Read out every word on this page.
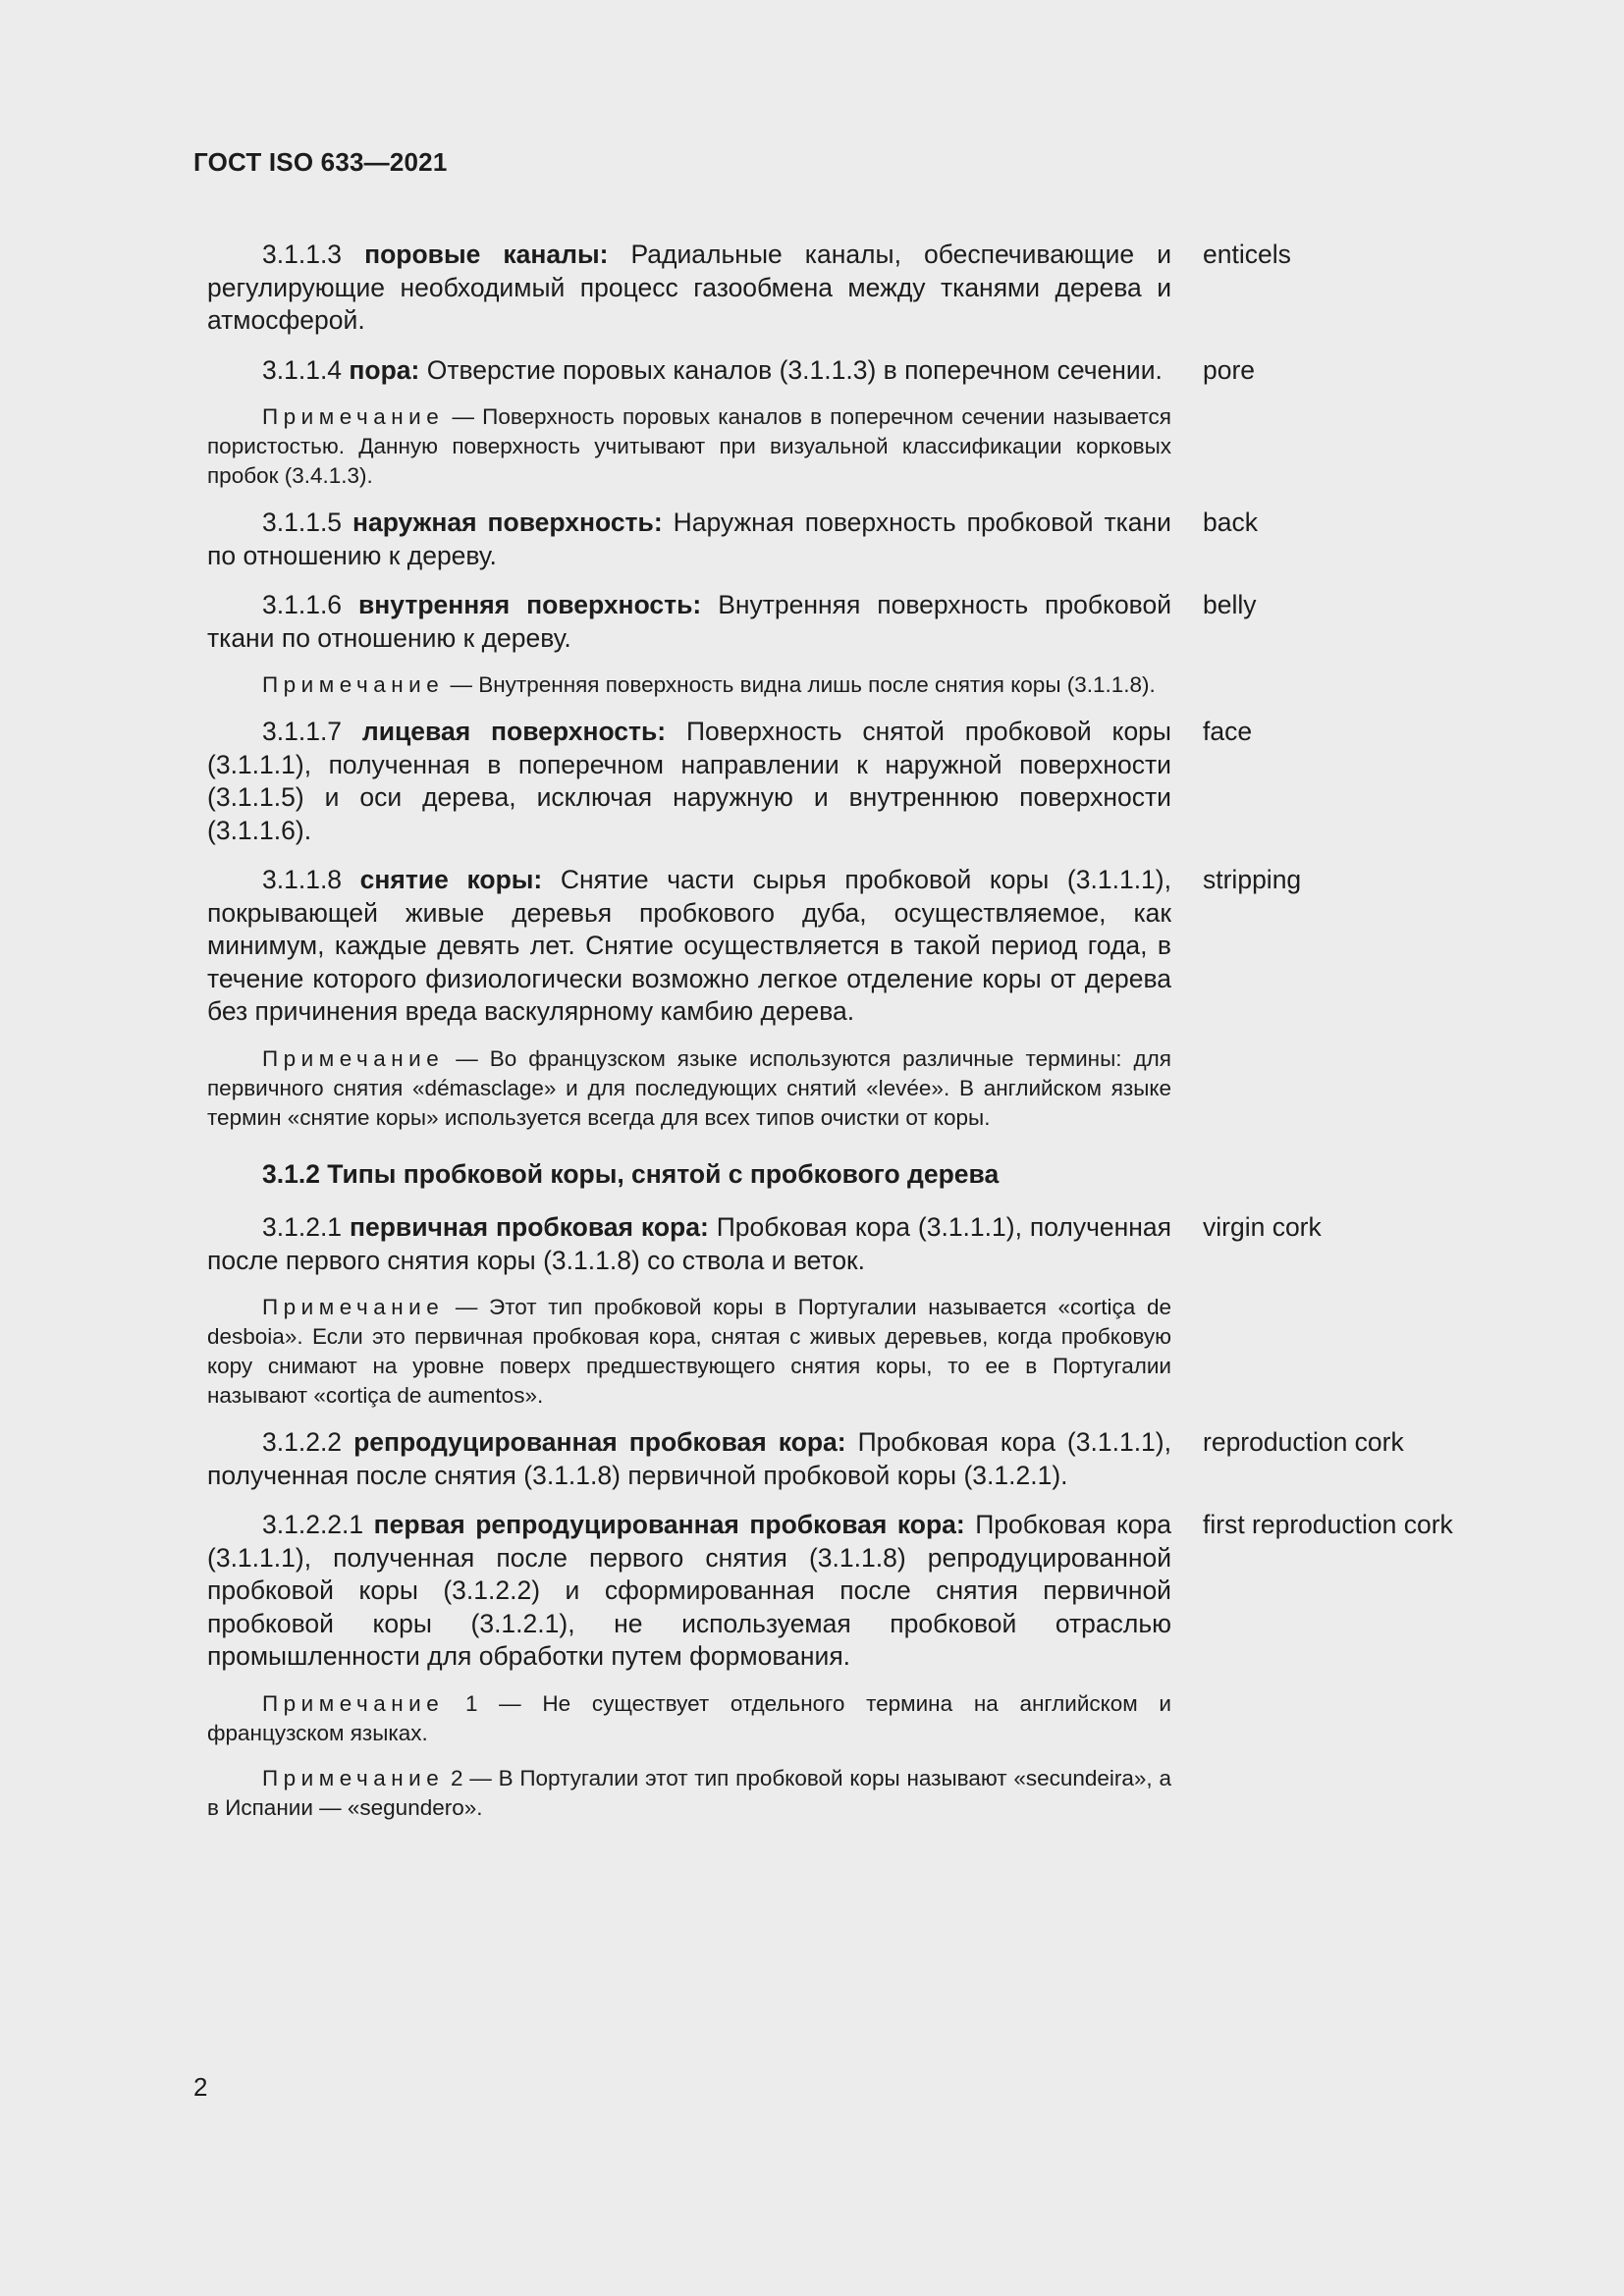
ГОСТ ISO 633—2021
3.1.1.3 поровые каналы: Радиальные каналы, обеспечивающие и регулирующие необходимый процесс газообмена между тканями дерева и атмосферой.
enticels
3.1.1.4 пора: Отверстие поровых каналов (3.1.1.3) в поперечном сечении.	pore
Примечание — Поверхность поровых каналов в поперечном сечении называется пористостью. Данную поверхность учитывают при визуальной классификации корковых пробок (3.4.1.3).
3.1.1.5 наружная поверхность: Наружная поверхность пробковой ткани по отношению к дереву.
back
3.1.1.6 внутренняя поверхность: Внутренняя поверхность пробковой ткани по отношению к дереву.
belly
Примечание — Внутренняя поверхность видна лишь после снятия коры (3.1.1.8).
3.1.1.7 лицевая поверхность: Поверхность снятой пробковой коры (3.1.1.1), полученная в поперечном направлении к наружной поверхности (3.1.1.5) и оси дерева, исключая наружную и внутреннюю поверхности (3.1.1.6).
face
3.1.1.8 снятие коры: Снятие части сырья пробковой коры (3.1.1.1), покрывающей живые деревья пробкового дуба, осуществляемое, как минимум, каждые девять лет. Снятие осуществляется в такой период года, в течение которого физиологически возможно легкое отделение коры от дерева без причинения вреда васкулярному камбию дерева.
stripping
Примечание — Во французском языке используются различные термины: для первичного снятия «démasclage» и для последующих снятий «levée». В английском языке термин «снятие коры» используется всегда для всех типов очистки от коры.
3.1.2 Типы пробковой коры, снятой с пробкового дерева
3.1.2.1 первичная пробковая кора: Пробковая кора (3.1.1.1), полученная после первого снятия коры (3.1.1.8) со ствола и веток.
virgin cork
Примечание — Этот тип пробковой коры в Португалии называется «cortiça de desboia». Если это первичная пробковая кора, снятая с живых деревьев, когда пробковую кору снимают на уровне поверх предшествующего снятия коры, то ее в Португалии называют «cortiça de aumentos».
3.1.2.2 репродуцированная пробковая кора: Пробковая кора (3.1.1.1), полученная после снятия (3.1.1.8) первичной пробковой коры (3.1.2.1).
reproduction cork
3.1.2.2.1 первая репродуцированная пробковая кора: Пробковая кора (3.1.1.1), полученная после первого снятия (3.1.1.8) репродуцированной пробковой коры (3.1.2.2) и сформированная после снятия первичной пробковой коры (3.1.2.1), не используемая пробковой отраслью промышленности для обработки путем формования.
first reproduction cork
Примечание 1 — Не существует отдельного термина на английском и французском языках.
Примечание 2 — В Португалии этот тип пробковой коры называют «secundeira», а в Испании — «segundero».
2
